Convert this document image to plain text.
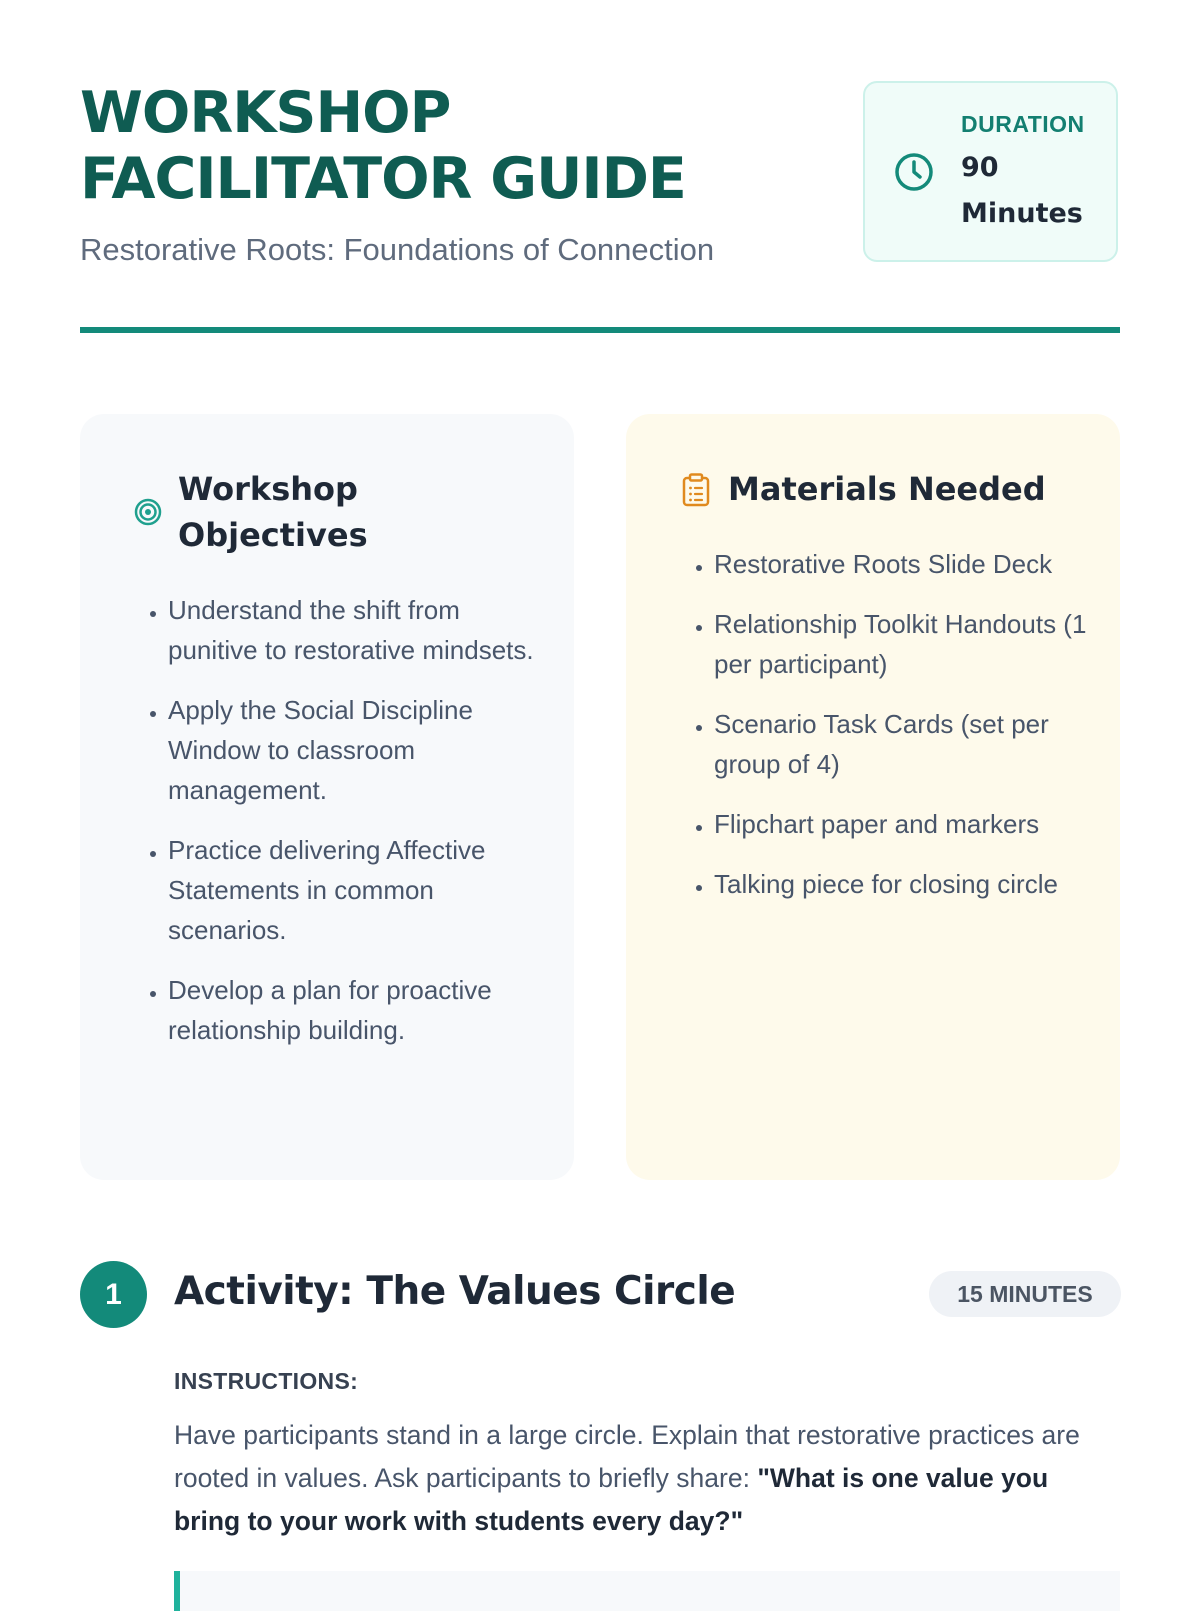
WORKSHOP FACILITATOR GUIDE

Restorative Roots: Foundations of Connection

DURATION
90 Minutes
Workshop Objectives
• Understand the shift from punitive to restorative mindsets.
• Apply the Social Discipline Window to classroom management.
• Practice delivering Affective Statements in common scenarios.
• Develop a plan for proactive relationship building.
Materials Needed
• Restorative Roots Slide Deck
• Relationship Toolkit Handouts (1 per participant)
• Scenario Task Cards (set per group of 4)
• Flipchart paper and markers
• Talking piece for closing circle
1	Activity: The Values Circle	15 MINUTES
INSTRUCTIONS:

Have participants stand in a large circle. Explain that restorative practices are rooted in values. Ask participants to briefly share: "What is one value you bring to your work with students every day?"
